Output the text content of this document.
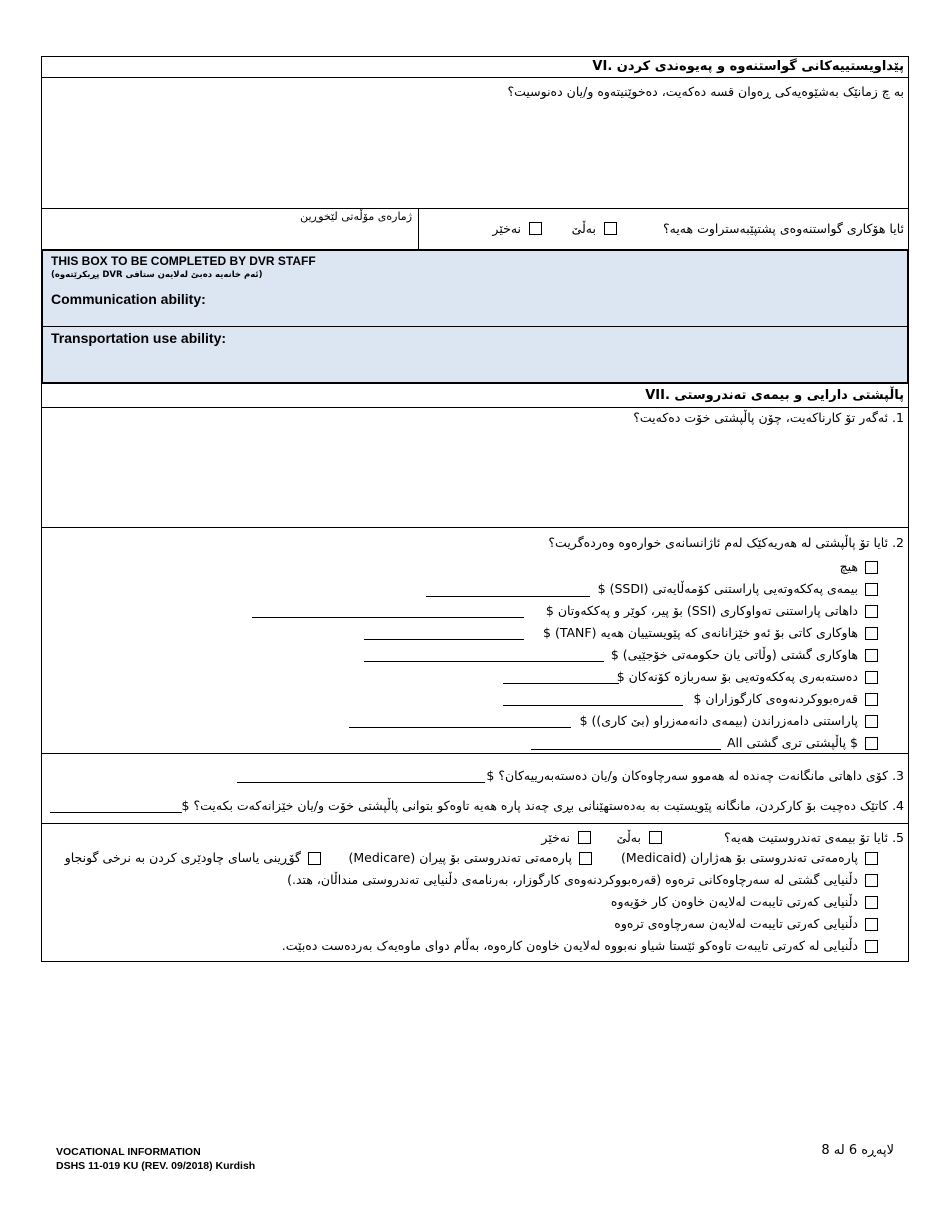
VI. پێداویستییەکانی گواستنەوە و پەیوەندی کردن
بە چ زمانێک بەشێوەیەکی ڕەوان قسە دەکەیت، دەخوێنیتەوە و/یان دەنوسیت؟
ژمارەی مۆڵەتی لێخوڕین
ئایا هۆکاری گواستنەوەی پشتپێبەستراوت هەیە؟
بەڵێ
نەخێر
THIS BOX TO BE COMPLETED BY DVR STAFF
(ئەم خانەیە دەبێ لەلایەن ستافی DVR پڕبکرێتەوە)
Communication ability:
Transportation use ability:
VII. پاڵپشتی دارایی و بیمەی تەندروستی
1. ئەگەر تۆ کارناکەیت، چۆن پاڵپشتی خۆت دەکەیت؟
2. ئایا تۆ پاڵپشتی لە هەریەکێک لەم ئاژانسانەی خوارەوە وەردەگریت؟
هیچ
بیمەی پەککەوتەیی پاراستنی کۆمەڵایەتی (SSDI) $
داهاتی پاراستنی تەواوکاری (SSI) بۆ پیر، کوێر و پەککەوتان $
هاوکاری کاتی بۆ ئەو خێزانانەی کە پێویستییان هەیە (TANF) $
هاوکاری گشتی (وڵاتی یان حکومەتی خۆجێیی) $
دەستەبەری پەککەوتەیی بۆ سەربازە کۆنەکان $
قەرەبووکردنەوەی کارگوزاران $
پاراستنی دامەزراندن (بیمەی دانەمەزراو (بێ کاری)) $
All پاڵپشتی تری گشتی $
3. کۆی داهاتی مانگانەت چەندە لە هەموو سەرچاوەکان و/یان دەستەبەرییەکان؟ $
4. کاتێک دەچیت بۆ کارکردن، مانگانە پێویستیت بە بەدەستهێنانی بڕی چەند پارە هەیە تاوەکو بتوانی پاڵپشتی خۆت و/یان خێزانەکەت بکەیت؟ $
5. ئایا تۆ بیمەی تەندروستیت هەیە؟
بەڵێ
نەخێر
پارەمەتی تەندروستی بۆ هەژاران (Medicaid)
پارەمەتی تەندروستی بۆ پیران (Medicare)
گۆڕینی یاسای چاودێری کردن بە نرخی گونجاو
دڵنیایی گشتی لە سەرچاوەکانی ترەوە (قەرەبووکردنەوەی کارگوزار، بەرنامەی دڵنیایی تەندروستی منداڵان، هتد.)
دڵنیایی کەرتی تایبەت لەلایەن خاوەن کار خۆیەوە
دڵنیایی کەرتی تایبەت لەلایەن سەرچاوەی ترەوە
دڵنیایی لە کەرتی تایبەت تاوەکو ئێستا شیاو نەبووە لەلایەن خاوەن کارەوە، بەڵام دوای ماوەیەک بەردەست دەبێت.
VOCATIONAL INFORMATION
DSHS 11-019 KU (REV. 09/2018) Kurdish
لاپەڕە 6 لە 8
